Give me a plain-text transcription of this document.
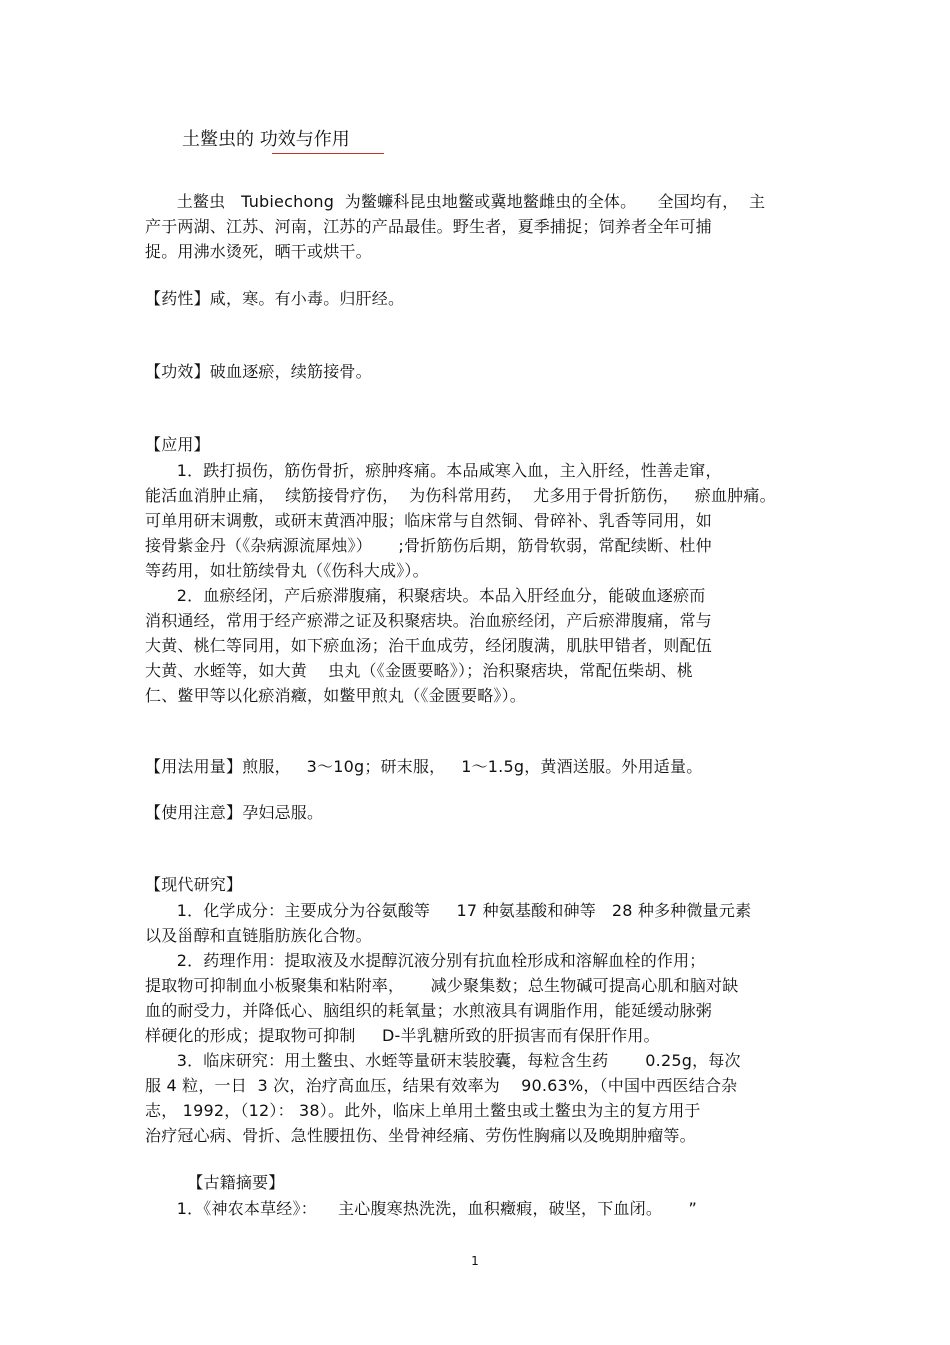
土鳖虫的 功效与作用
土鳖虫   Tubiechong  为鳖蠊科昆虫地鳖或冀地鳖雌虫的全体。    全国均有，  主
产于两湖、江苏、河南，江苏的产品最佳。野生者，夏季捕捉；饲养者全年可捕
捉。用沸水烫死，晒干或烘干。
【药性】咸，寒。有小毒。归肝经。
【功效】破血逐瘀，续筋接骨。
【应用】
1．跌打损伤，筋伤骨折，瘀肿疼痛。本品咸寒入血，主入肝经，性善走窜，
能活血消肿止痛，  续筋接骨疗伤，  为伤科常用药，  尤多用于骨折筋伤，   瘀血肿痛。
可单用研末调敷，或研末黄酒冲服；临床常与自然铜、骨碎补、乳香等同用，如
接骨紫金丹（《杂病源流犀烛》）     ;骨折筋伤后期，筋骨软弱，常配续断、杜仲
等药用，如壮筋续骨丸（《伤科大成》）。
2．血瘀经闭，产后瘀滞腹痛，积聚痞块。本品入肝经血分，能破血逐瘀而
消积通经，常用于经产瘀滞之证及积聚痞块。治血瘀经闭，产后瘀滞腹痛，常与
大黄、桃仁等同用，如下瘀血汤；治干血成劳，经闭腹满，肌肤甲错者，则配伍
大黄、水蛭等，如大黄    虫丸（《金匮要略》）；治积聚痞块，常配伍柴胡、桃
仁、鳖甲等以化瘀消癥，如鳖甲煎丸（《金匮要略》）。
【用法用量】煎服，   3～10g；研末服，   1～1.5g，黄酒送服。外用适量。
【使用注意】孕妇忌服。
【现代研究】
1．化学成分：主要成分为谷氨酸等     17 种氨基酸和砷等   28 种多种微量元素
以及甾醇和直链脂肪族化合物。
2．药理作用：提取液及水提醇沉液分别有抗血栓形成和溶解血栓的作用；
提取物可抑制血小板聚集和粘附率，     减少聚集数；总生物碱可提高心肌和脑对缺
血的耐受力，并降低心、脑组织的耗氧量；水煎液具有调脂作用，能延缓动脉粥
样硬化的形成；提取物可抑制     D-半乳糖所致的肝损害而有保肝作用。
3．临床研究：用土鳖虫、水蛭等量研末装胶囊，每粒含生药       0.25g，每次
服 4 粒，一日  3 次，治疗高血压，结果有效率为    90.63%，（中国中西医结合杂
志， 1992，（12）： 38）。此外，临床上单用土鳖虫或土鳖虫为主的复方用于
治疗冠心病、骨折、急性腰扭伤、坐骨神经痛、劳伤性胸痛以及晚期肿瘤等。
【古籍摘要】
1．《神农本草经》：    主心腹寒热洗洗，血积癥瘕，破坚，下血闭。     ”
1
